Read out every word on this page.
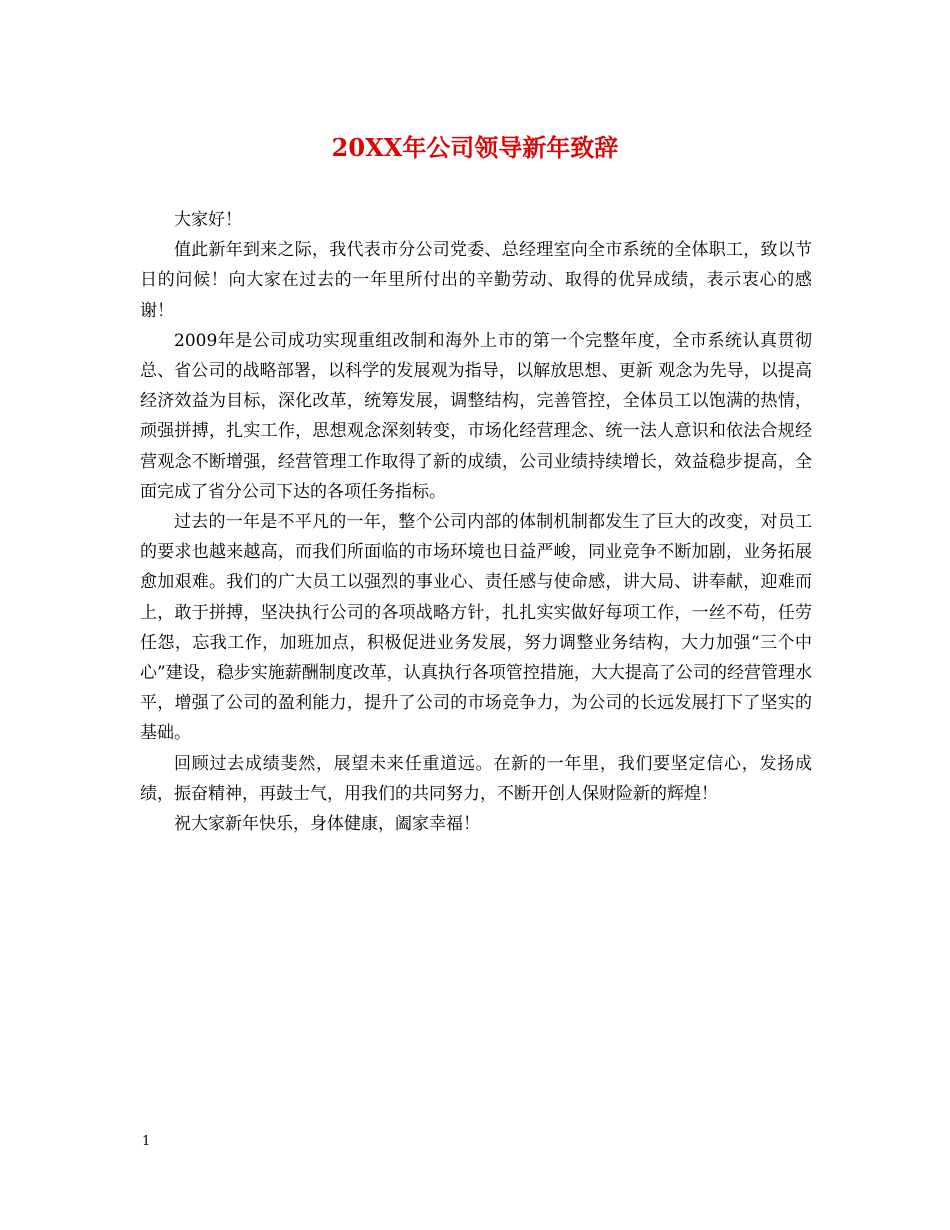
20XX年公司领导新年致辞

大家好！

值此新年到来之际，我代表市分公司党委、总经理室向全市系统的全体职工，致以节日的问候！向大家在过去的一年里所付出的辛勤劳动、取得的优异成绩，表示衷心的感谢！

2009年是公司成功实现重组改制和海外上市的第一个完整年度，全市系统认真贯彻总、省公司的战略部署，以科学的发展观为指导，以解放思想、更新 观念为先导，以提高经济效益为目标，深化改革，统筹发展，调整结构，完善管控，全体员工以饱满的热情，顽强拼搏，扎实工作，思想观念深刻转变，市场化经营理念、统一法人意识和依法合规经营观念不断增强，经营管理工作取得了新的成绩，公司业绩持续增长，效益稳步提高，全面完成了省分公司下达的各项任务指标。

过去的一年是不平凡的一年，整个公司内部的体制机制都发生了巨大的改变，对员工的要求也越来越高，而我们所面临的市场环境也日益严峻，同业竞争不断加剧，业务拓展愈加艰难。我们的广大员工以强烈的事业心、责任感与使命感，讲大局、讲奉献，迎难而上，敢于拼搏，坚决执行公司的各项战略方针，扎扎实实做好每项工作，一丝不苟，任劳任怨，忘我工作，加班加点，积极促进业务发展，努力调整业务结构，大力加强“三个中心”建设，稳步实施薪酬制度改革，认真执行各项管控措施，大大提高了公司的经营管理水平，增强了公司的盈利能力，提升了公司的市场竞争力，为公司的长远发展打下了坚实的基础。

回顾过去成绩斐然，展望未来任重道远。在新的一年里，我们要坚定信心，发扬成绩，振奋精神，再鼓士气，用我们的共同努力，不断开创人保财险新的辉煌！

祝大家新年快乐，身体健康，阖家幸福！

1
